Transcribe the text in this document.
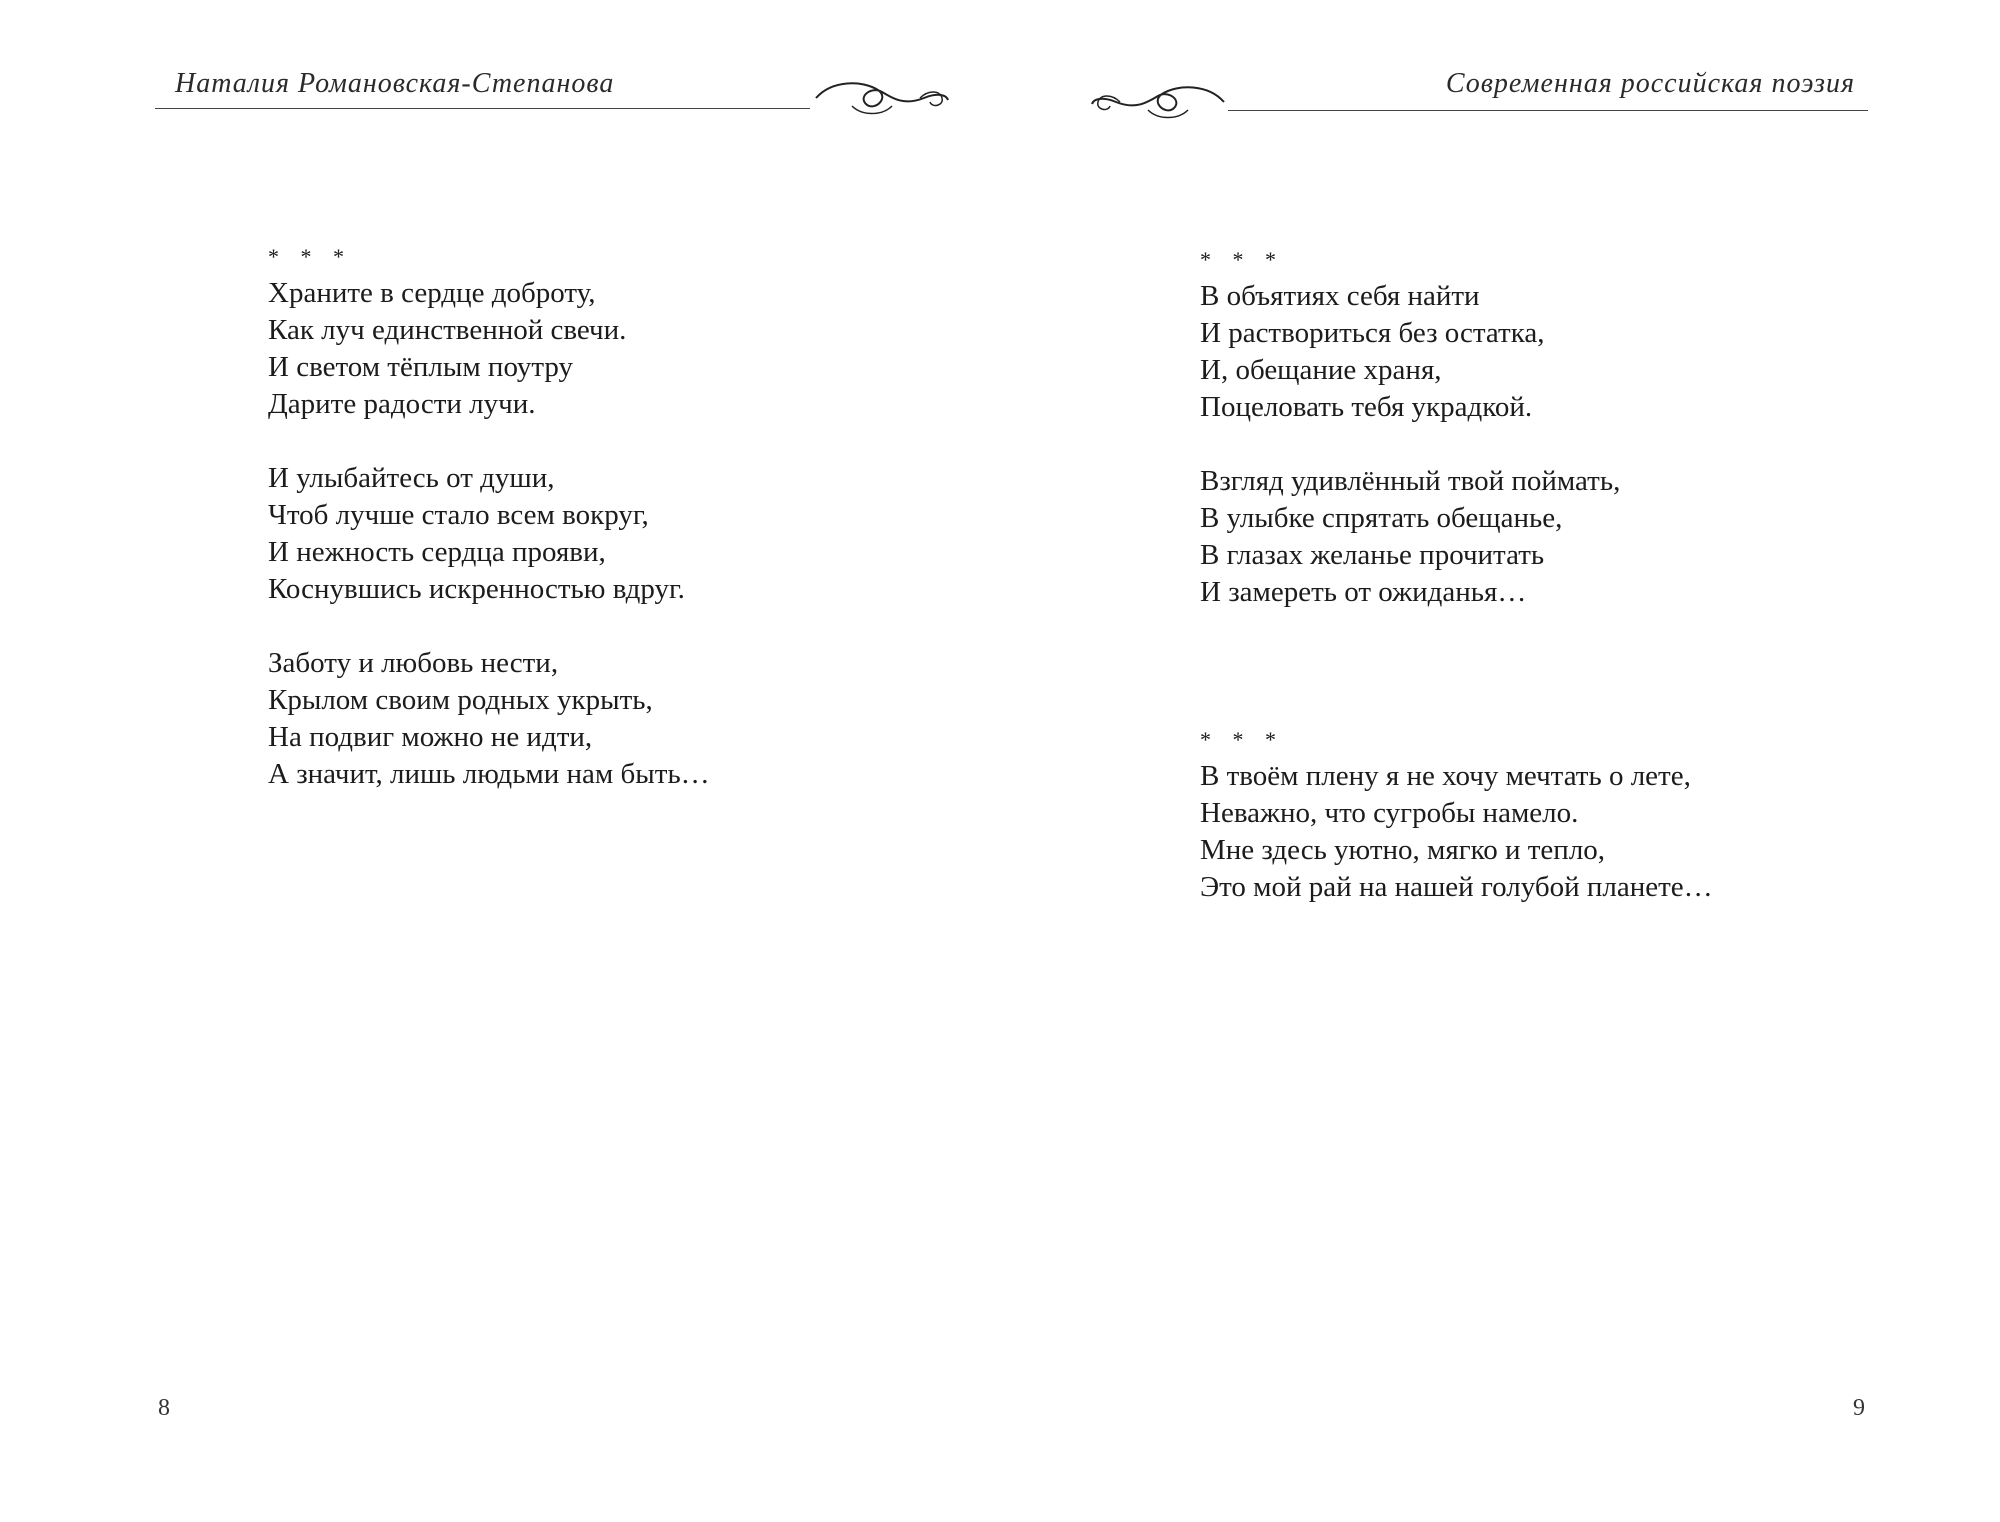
Наталия Романовская-Степанова
* * *
Храните в сердце доброту,
Как луч единственной свечи.
И светом тёплым поутру
Дарите радости лучи.
И улыбайтесь от души,
Чтоб лучше стало всем вокруг,
И нежность сердца прояви,
Коснувшись искренностью вдруг.
Заботу и любовь нести,
Крылом своим родных укрыть,
На подвиг можно не идти,
А значит, лишь людьми нам быть…
8
Современная российская поэзия
* * *
В объятиях себя найти
И раствориться без остатка,
И, обещание храня,
Поцеловать тебя украдкой.
Взгляд удивлённый твой поймать,
В улыбке спрятать обещанье,
В глазах желанье прочитать
И замереть от ожиданья…
* * *
В твоём плену я не хочу мечтать о лете,
Неважно, что сугробы намело.
Мне здесь уютно, мягко и тепло,
Это мой рай на нашей голубой планете…
9
